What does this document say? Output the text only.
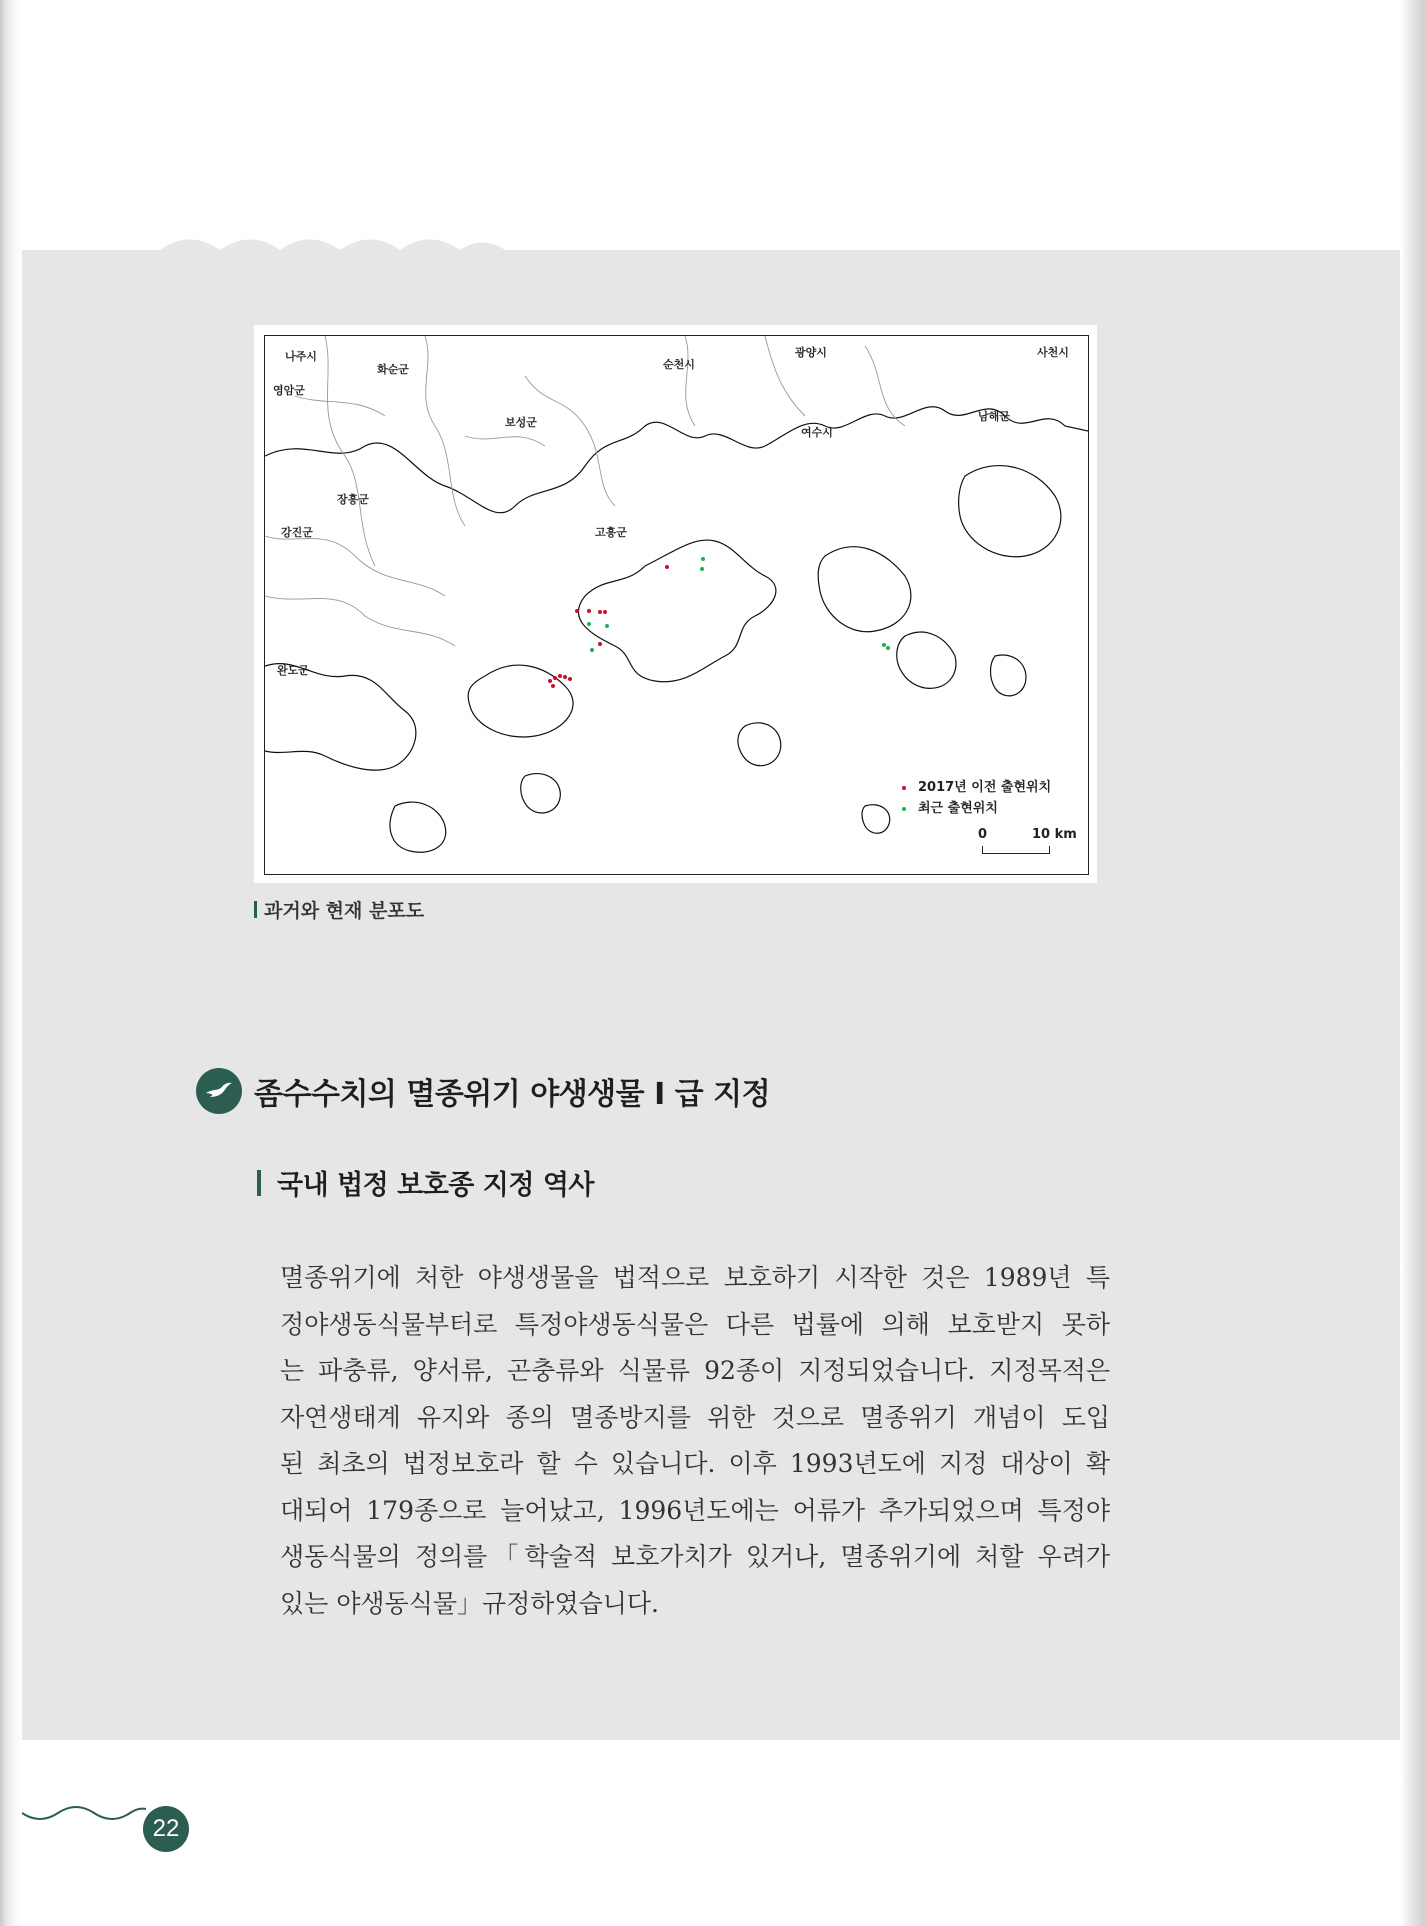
나주시
화순군
영암군
순천시
광양시	사천시
보성군	남해군
여수시
장흥군
강진군	고흥군
완도군
2017년 이전 출현위치
최근 출현위치
0	10 km
과거와 현재 분포도
좀수수치의 멸종위기 야생생물 I 급 지정
국내 법정 보호종 지정 역사
멸종위기에 처한 야생생물을 법적으로 보호하기 시작한 것은 1989년 특
정야생동식물부터로 특정야생동식물은 다른 법률에 의해 보호받지 못하
는 파충류, 양서류, 곤충류와 식물류 92종이 지정되었습니다. 지정목적은
자연생태계 유지와 종의 멸종방지를 위한 것으로 멸종위기 개념이 도입
된 최초의 법정보호라 할 수 있습니다. 이후 1993년도에 지정 대상이 확
대되어 179종으로 늘어났고, 1996년도에는 어류가 추가되었으며 특정야
생동식물의 정의를「학술적 보호가치가 있거나, 멸종위기에 처할 우려가
있는 야생동식물」규정하였습니다.
22
